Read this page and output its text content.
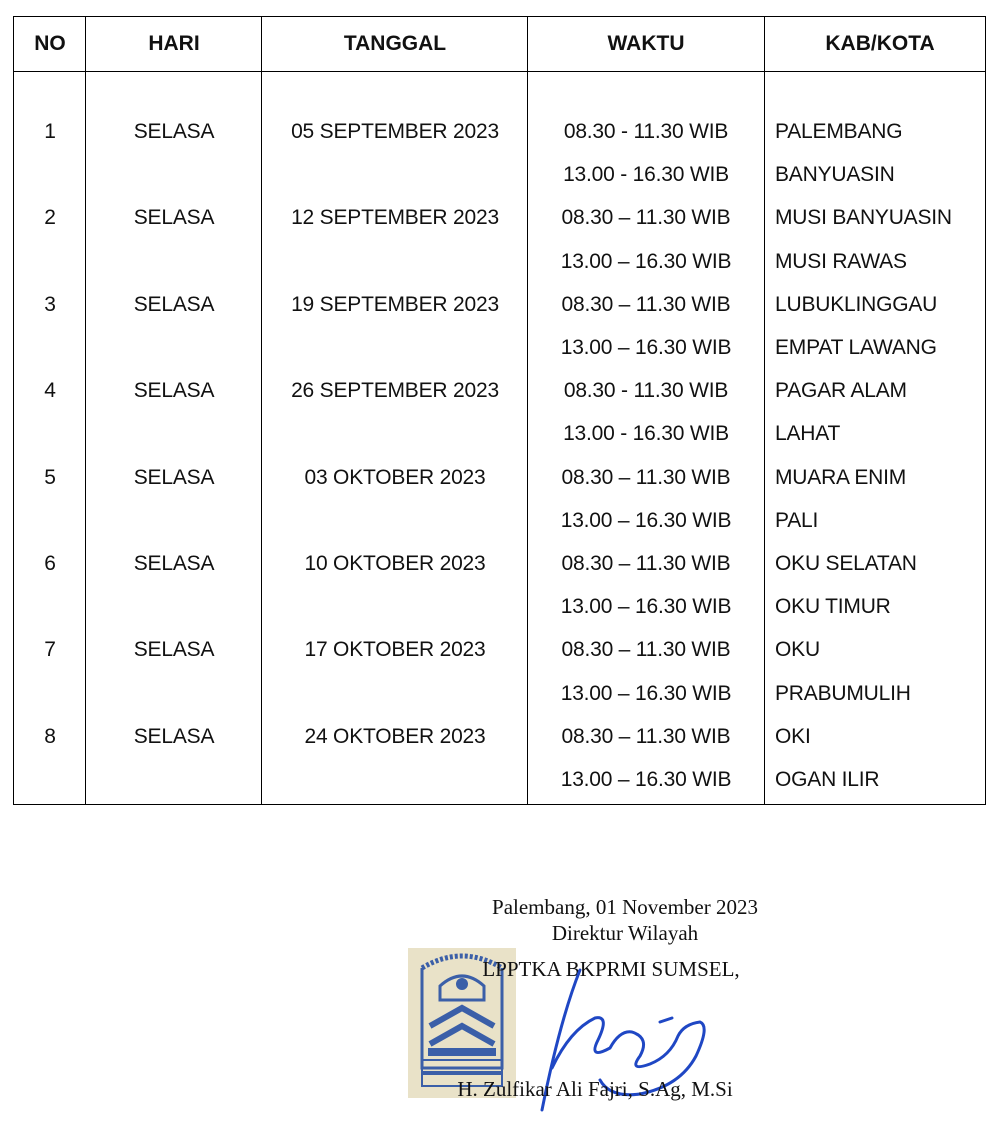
NO	HARI	TANGGAL	WAKTU	KAB/KOTA
1	SELASA	05 SEPTEMBER 2023	08.30 - 11.30 WIB	PALEMBANG
13.00 - 16.30 WIB	BANYUASIN
2	SELASA	12 SEPTEMBER 2023	08.30 – 11.30 WIB	MUSI BANYUASIN
13.00 – 16.30 WIB	MUSI RAWAS
3	SELASA	19 SEPTEMBER 2023	08.30 – 11.30 WIB	LUBUKLINGGAU
13.00 – 16.30 WIB	EMPAT LAWANG
4	SELASA	26 SEPTEMBER 2023	08.30 - 11.30 WIB	PAGAR ALAM
13.00 - 16.30 WIB	LAHAT
5	SELASA	03 OKTOBER 2023	08.30 – 11.30 WIB	MUARA ENIM
13.00 – 16.30 WIB	PALI
6	SELASA	10 OKTOBER 2023	08.30 – 11.30 WIB	OKU SELATAN
13.00 – 16.30 WIB	OKU TIMUR
7	SELASA	17 OKTOBER 2023	08.30 – 11.30 WIB	OKU
13.00 – 16.30 WIB	PRABUMULIH
8	SELASA	24 OKTOBER 2023	08.30 – 11.30 WIB	OKI
13.00 – 16.30 WIB	OGAN ILIR
Palembang, 01 November 2023
Direktur Wilayah
LPPTKA BKPRMI SUMSEL,
H. Zulfikar Ali Fajri, S.Ag, M.Si
